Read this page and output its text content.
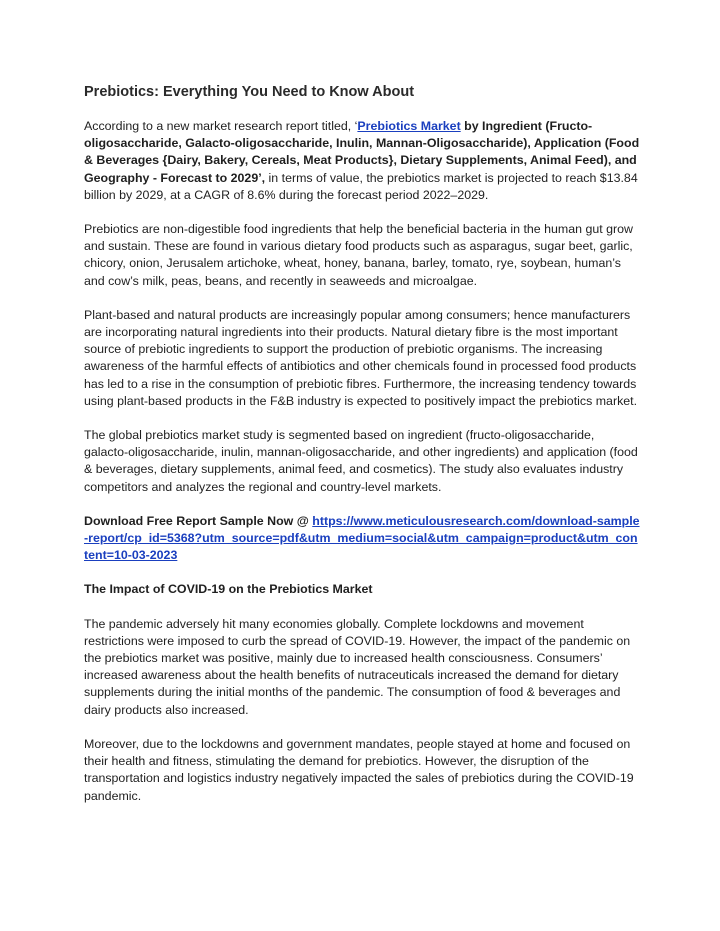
Prebiotics: Everything You Need to Know About

According to a new market research report titled, ‘Prebiotics Market by Ingredient (Fructo-oligosaccharide, Galacto-oligosaccharide, Inulin, Mannan-Oligosaccharide), Application (Food & Beverages {Dairy, Bakery, Cereals, Meat Products}, Dietary Supplements, Animal Feed), and Geography - Forecast to 2029’, in terms of value, the prebiotics market is projected to reach $13.84 billion by 2029, at a CAGR of 8.6% during the forecast period 2022–2029.

Prebiotics are non-digestible food ingredients that help the beneficial bacteria in the human gut grow and sustain. These are found in various dietary food products such as asparagus, sugar beet, garlic, chicory, onion, Jerusalem artichoke, wheat, honey, banana, barley, tomato, rye, soybean, human’s and cow’s milk, peas, beans, and recently in seaweeds and microalgae.

Plant-based and natural products are increasingly popular among consumers; hence manufacturers are incorporating natural ingredients into their products. Natural dietary fibre is the most important source of prebiotic ingredients to support the production of prebiotic organisms. The increasing awareness of the harmful effects of antibiotics and other chemicals found in processed food products has led to a rise in the consumption of prebiotic fibres. Furthermore, the increasing tendency towards using plant-based products in the F&B industry is expected to positively impact the prebiotics market.

The global prebiotics market study is segmented based on ingredient (fructo-oligosaccharide, galacto-oligosaccharide, inulin, mannan-oligosaccharide, and other ingredients) and application (food & beverages, dietary supplements, animal feed, and cosmetics). The study also evaluates industry competitors and analyzes the regional and country-level markets.

Download Free Report Sample Now @ https://www.meticulousresearch.com/download-sample-report/cp_id=5368?utm_source=pdf&utm_medium=social&utm_campaign=product&utm_content=10-03-2023

The Impact of COVID-19 on the Prebiotics Market

The pandemic adversely hit many economies globally. Complete lockdowns and movement restrictions were imposed to curb the spread of COVID-19. However, the impact of the pandemic on the prebiotics market was positive, mainly due to increased health consciousness. Consumers’ increased awareness about the health benefits of nutraceuticals increased the demand for dietary supplements during the initial months of the pandemic. The consumption of food & beverages and dairy products also increased.

Moreover, due to the lockdowns and government mandates, people stayed at home and focused on their health and fitness, stimulating the demand for prebiotics. However, the disruption of the transportation and logistics industry negatively impacted the sales of prebiotics during the COVID-19 pandemic.
